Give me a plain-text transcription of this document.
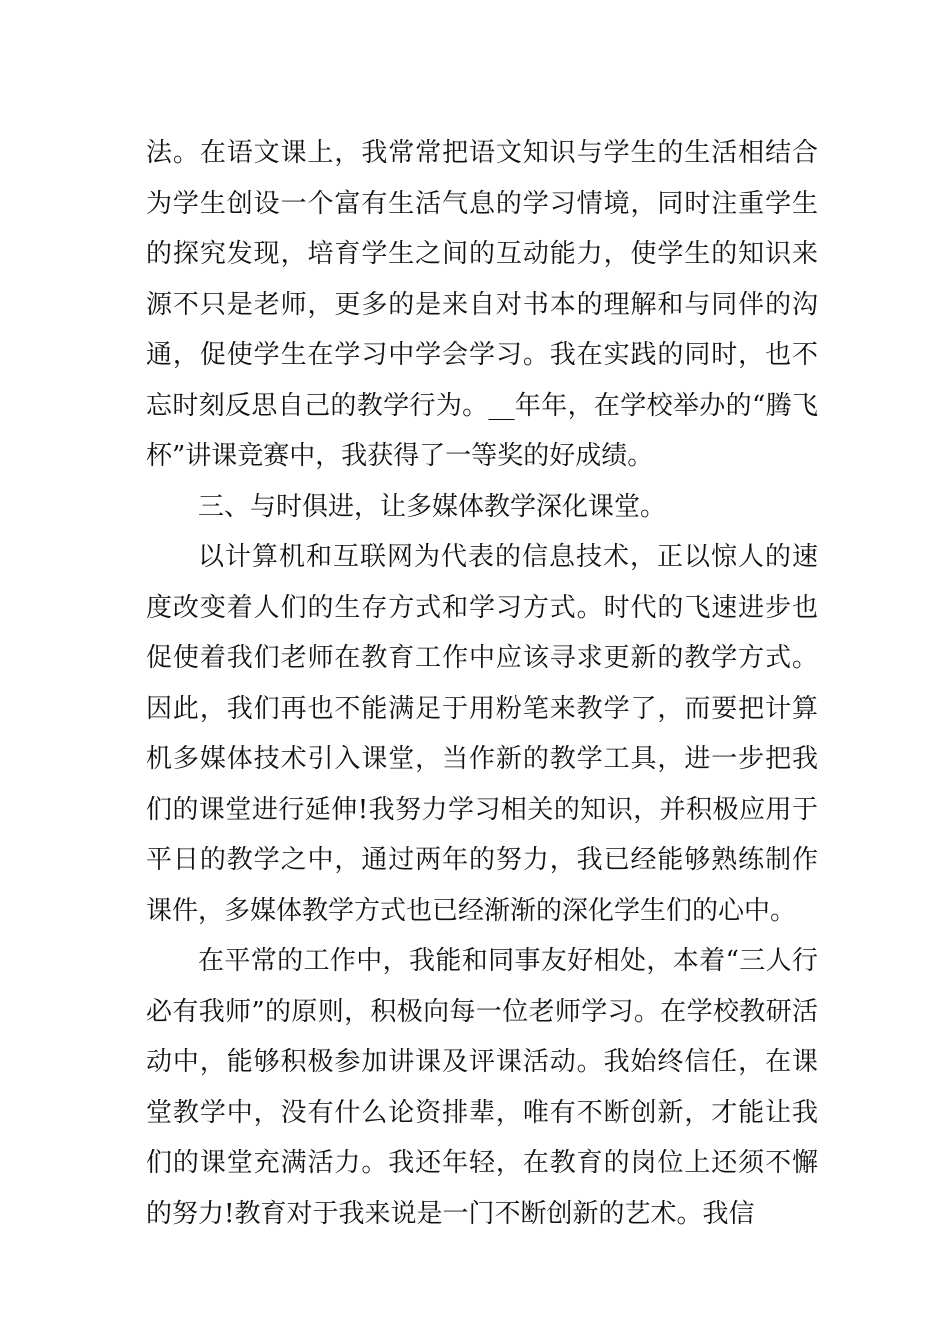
法。在语文课上，我常常把语文知识与学生的生活相结合为学生创设一个富有生活气息的学习情境，同时注重学生的探究发现，培育学生之间的互动能力，使学生的知识来源不只是老师，更多的是来自对书本的理解和与同伴的沟通，促使学生在学习中学会学习。我在实践的同时，也不忘时刻反思自己的教学行为。__年年，在学校举办的“腾飞杯”讲课竞赛中，我获得了一等奖的好成绩。

三、与时俱进，让多媒体教学深化课堂。

以计算机和互联网为代表的信息技术，正以惊人的速度改变着人们的生存方式和学习方式。时代的飞速进步也促使着我们老师在教育工作中应该寻求更新的教学方式。因此，我们再也不能满足于用粉笔来教学了，而要把计算机多媒体技术引入课堂，当作新的教学工具，进一步把我们的课堂进行延伸!我努力学习相关的知识，并积极应用于平日的教学之中，通过两年的努力，我已经能够熟练制作课件，多媒体教学方式也已经渐渐的深化学生们的心中。

在平常的工作中，我能和同事友好相处，本着“三人行必有我师”的原则，积极向每一位老师学习。在学校教研活动中，能够积极参加讲课及评课活动。我始终信任，在课堂教学中，没有什么论资排辈，唯有不断创新，才能让我们的课堂充满活力。我还年轻，在教育的岗位上还须不懈的努力!教育对于我来说是一门不断创新的艺术。我信
